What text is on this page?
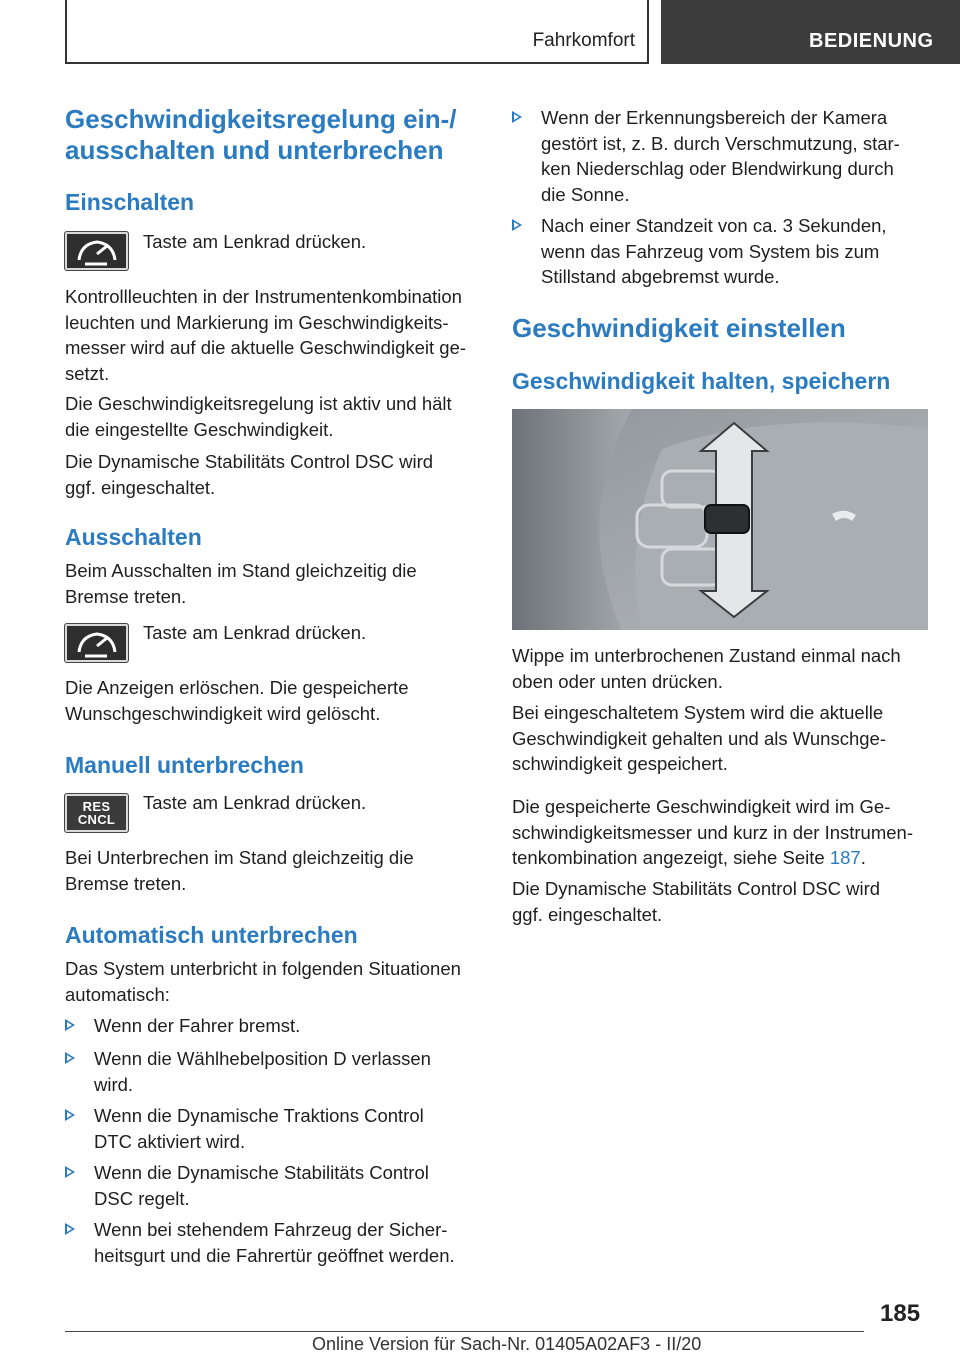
Fahrkomfort	BEDIENUNG
Geschwindigkeitsregelung ein-/
ausschalten und unterbrechen
Einschalten

Taste am Lenkrad drücken.

Kontrollleuchten in der Instrumentenkombination
leuchten und Markierung im Geschwindigkeits‐
messer wird auf die aktuelle Geschwindigkeit ge‐
setzt.

Die Geschwindigkeitsregelung ist aktiv und hält
die eingestellte Geschwindigkeit.

Die Dynamische Stabilitäts Control DSC wird
ggf. eingeschaltet.

Ausschalten

Beim Ausschalten im Stand gleichzeitig die
Bremse treten.

Taste am Lenkrad drücken.

Die Anzeigen erlöschen. Die gespeicherte
Wunschgeschwindigkeit wird gelöscht.

Manuell unterbrechen
RES
CNCL

Taste am Lenkrad drücken.

Bei Unterbrechen im Stand gleichzeitig die
Bremse treten.

Automatisch unterbrechen

Das System unterbricht in folgenden Situationen
automatisch:

Wenn der Fahrer bremst.
Wenn die Wählhebelposition D verlassen
wird.
Wenn die Dynamische Traktions Control
DTC aktiviert wird.
Wenn die Dynamische Stabilitäts Control
DSC regelt.
Wenn bei stehendem Fahrzeug der Sicher‐
heitsgurt und die Fahrertür geöffnet werden.
Wenn der Erkennungsbereich der Kamera
gestört ist, z. B. durch Verschmutzung, star‐
ken Niederschlag oder Blendwirkung durch
die Sonne.
Nach einer Standzeit von ca. 3 Sekunden,
wenn das Fahrzeug vom System bis zum
Stillstand abgebremst wurde.
Geschwindigkeit einstellen
Geschwindigkeit halten, speichern

Wippe im unterbrochenen Zustand einmal nach
oben oder unten drücken.

Bei eingeschaltetem System wird die aktuelle
Geschwindigkeit gehalten und als Wunschge‐
schwindigkeit gespeichert.

Die gespeicherte Geschwindigkeit wird im Ge‐
schwindigkeitsmesser und kurz in der Instrumen‐
tenkombination angezeigt, siehe Seite 187.

Die Dynamische Stabilitäts Control DSC wird
ggf. eingeschaltet.

185
Online Version für Sach-Nr. 01405A02AF3 - II/20
